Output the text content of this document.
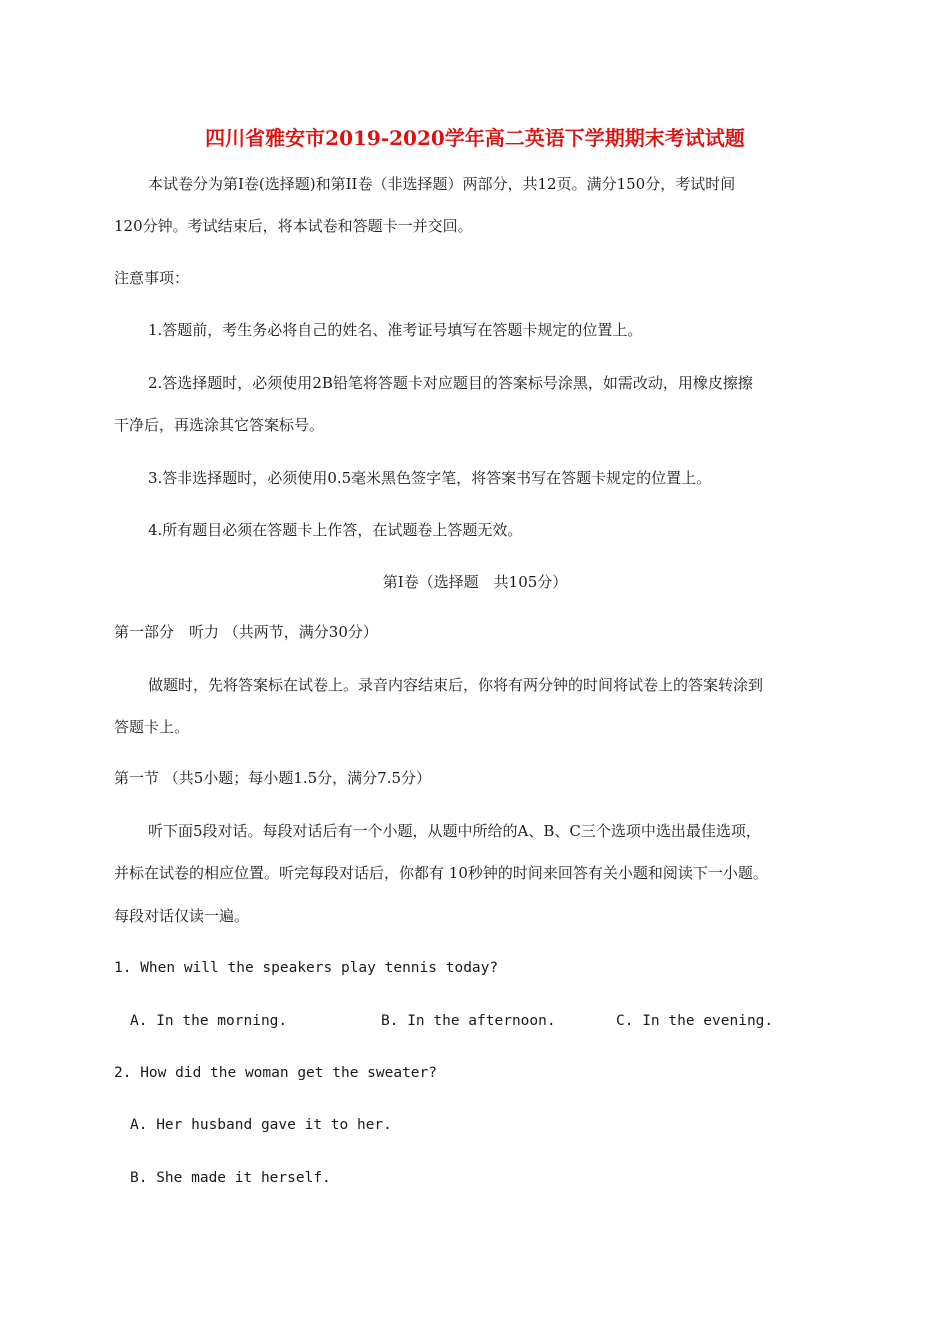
四川省雅安市2019-2020学年高二英语下学期期末考试试题
本试卷分为第Ⅰ卷(选择题)和第II卷（非选择题）两部分，共12页。满分150分，考试时间
120分钟。考试结束后，将本试卷和答题卡一并交回。
注意事项：
1.答题前，考生务必将自己的姓名、准考证号填写在答题卡规定的位置上。
2.答选择题时，必须使用2B铅笔将答题卡对应题目的答案标号涂黑，如需改动，用橡皮擦擦
干净后，再选涂其它答案标号。
3.答非选择题时，必须使用0.5毫米黑色签字笔，将答案书写在答题卡规定的位置上。
4.所有题目必须在答题卡上作答，在试题卷上答题无效。
第Ⅰ卷（选择题　共105分）
第一部分　听力 （共两节，满分30分）
做题时，先将答案标在试卷上。录音内容结束后，你将有两分钟的时间将试卷上的答案转涂到
答题卡上。
第一节 （共5小题；每小题1.5分，满分7.5分）
听下面5段对话。每段对话后有一个小题，从题中所给的A、B、C三个选项中选出最佳选项，
并标在试卷的相应位置。听完每段对话后，你都有 10秒钟的时间来回答有关小题和阅读下一小题。
每段对话仅读一遍。
1. When will the speakers play tennis today?
A. In the morning.	B. In the afternoon.	C. In the evening.
2. How did the woman get the sweater?
A. Her husband gave it to her.
B. She made it herself.
